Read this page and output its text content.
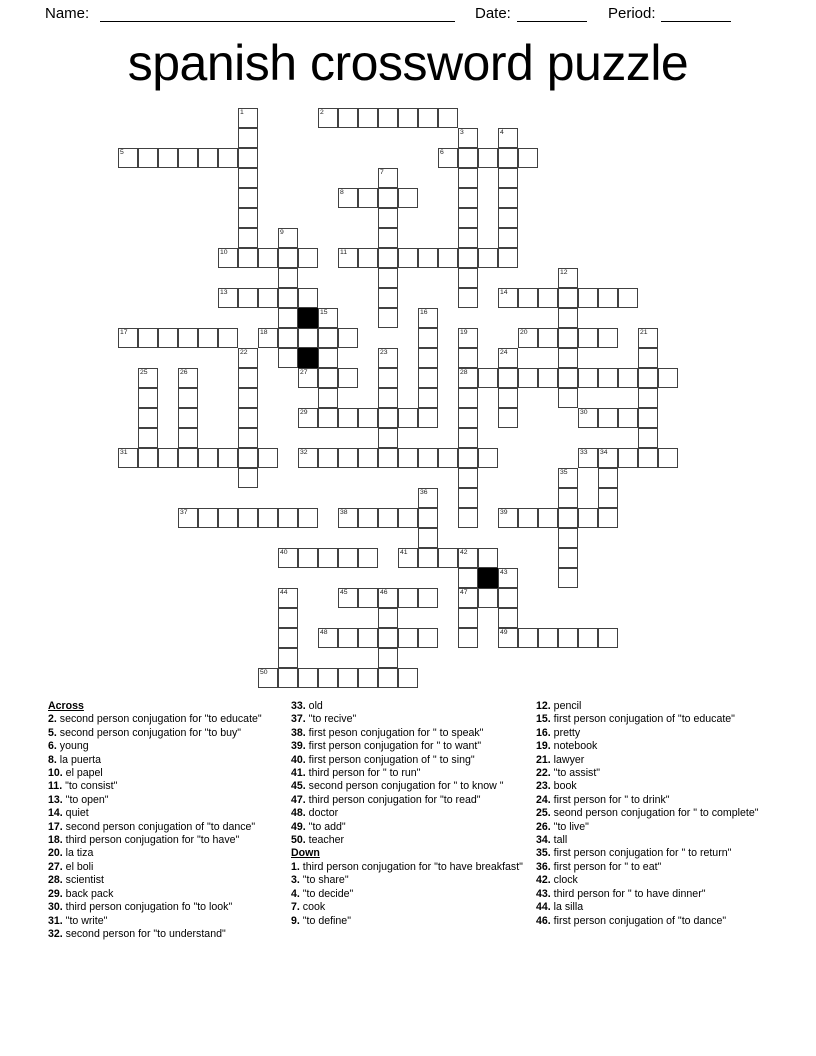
Name:	Date:	Period:
spanish crossword puzzle
2
5	6
8
10	11
13	14
17	18	20
27	28
29	30
31	32	33 34
37	38	39
40	41	42
45	46	47
48	49
50
1
3	4
7
9
12
15	16
19	21
22	23	24
25	26
35
36
43
44
Across
2. second person conjugation for "to educate"
5. second person conjugation for "to buy"
6. young
8. la puerta
10. el papel
11. "to consist"
13. "to open"
14. quiet
17. second person conjugation of "to dance"
18. third person conjugation for "to have"
20. la tiza
27. el boli
28. scientist
29. back pack
30. third person conjugation fo "to look"
31. "to write"
32. second person for "to understand"
33. old
37. "to recive"
38. first peson conjugation for " to speak"
39. first person conjugation for " to want"
40. first person conjugation of " to sing"
41. third person for " to run"
45. second person conjugation for " to know "
47. third person conjugation for "to read"
48. doctor
49. "to add"
50. teacher
Down
1. third person conjugation for "to have breakfast"
3. "to share"
4. "to decide"
7. cook
9. "to define"
12. pencil
15. first person conjugation of "to educate"
16. pretty
19. notebook
21. lawyer
22. "to assist"
23. book
24. first person for " to drink"
25. seond person conjugation for " to complete"
26. "to live"
34. tall
35. first person conjugation for " to return"
36. first person for " to eat"
42. clock
43. third person for " to have dinner"
44. la silla
46. first person conjugation of "to dance"
